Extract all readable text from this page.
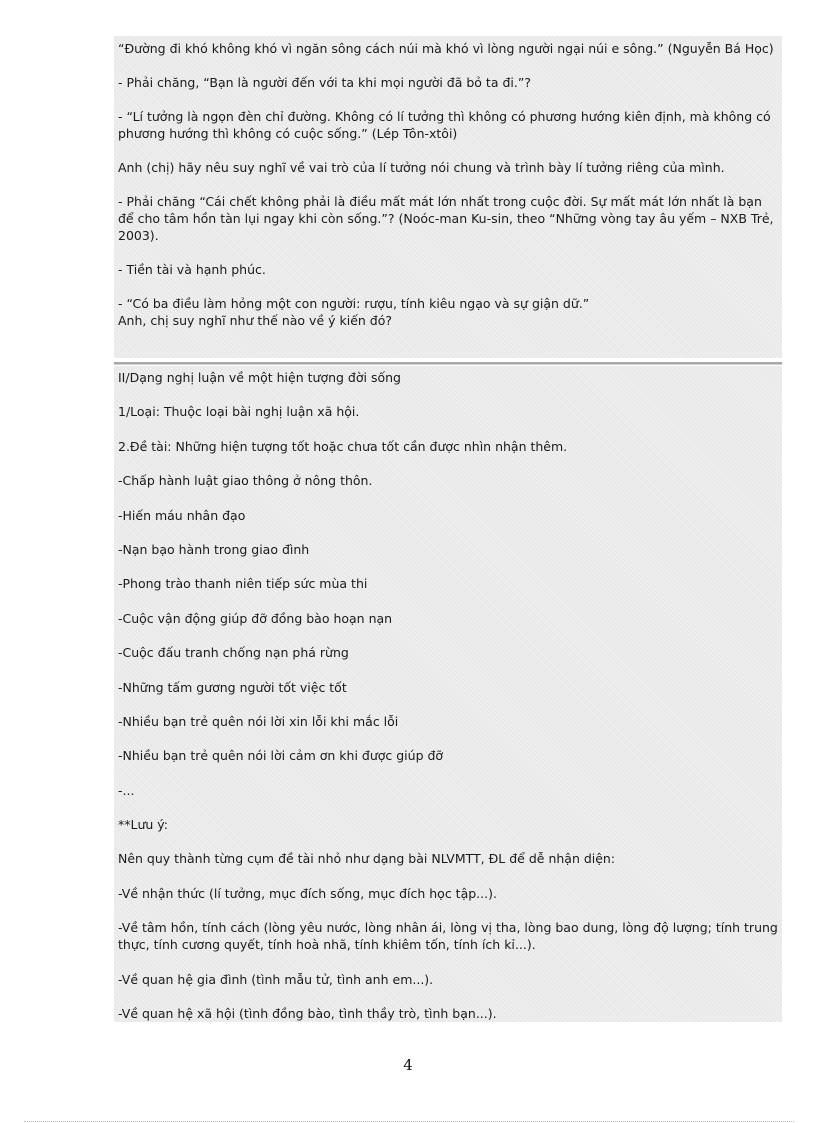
“Đường đi khó không khó vì ngăn sông cách núi mà khó vì lòng người ngại núi e sông.” (Nguyễn Bá Học)

- Phải chăng, “Bạn là người đến với ta khi mọi người đã bỏ ta đi.”?

- “Lí tưởng là ngọn đèn chỉ đường. Không có lí tưởng thì không có phương hướng kiên định, mà không có phương hướng thì không có cuộc sống.” (Lép Tôn-xtôi)

Anh (chị) hãy nêu suy nghĩ về vai trò của lí tưởng nói chung và trình bày lí tưởng riêng của mình.

- Phải chăng “Cái chết không phải là điều mất mát lớn nhất trong cuộc đời. Sự mất mát lớn nhất là bạn để cho tâm hồn tàn lụi ngay khi còn sống.”? (Noóc-man Ku-sin, theo “Những vòng tay âu yếm – NXB Trẻ, 2003).

- Tiền tài và hạnh phúc.

- “Có ba điều làm hỏng một con người: rượu, tính kiêu ngạo và sự giận dữ.”
Anh, chị suy nghĩ như thế nào về ý kiến đó?

II/Dạng nghị luận về một hiện tượng đời sống

1/Loại: Thuộc loại bài nghị luận xã hội.

2.Đề tài: Những hiện tượng tốt hoặc chưa tốt cần được nhìn nhận thêm.

-Chấp hành luật giao thông ở nông thôn.

-Hiến máu nhân đạo

-Nạn bạo hành trong giao đình

-Phong trào thanh niên tiếp sức mùa thi

-Cuộc vận động giúp đỡ đồng bào hoạn nạn

-Cuộc đấu tranh chống nạn phá rừng

-Những tấm gương người tốt việc tốt

-Nhiều bạn trẻ quên nói lời xin lỗi khi mắc lỗi

-Nhiều bạn trẻ quên nói lời cảm ơn khi được giúp đỡ

-...

**Lưu ý:

Nên quy thành từng cụm đề tài nhỏ như dạng bài NLVMTT, ĐL để dễ nhận diện:

-Về nhận thức (lí tưởng, mục đích sống, mục đích học tập...).

-Về tâm hồn, tính cách (lòng yêu nước, lòng nhân ái, lòng vị tha, lòng bao dung, lòng độ lượng; tính trung thực, tính cương quyết, tính hoà nhã, tính khiêm tốn, tính ích kỉ...).

-Về quan hệ gia đình (tình mẫu tử, tình anh em...).

-Về quan hệ xã hội (tình đồng bào, tình thầy trò, tình bạn...).

4
